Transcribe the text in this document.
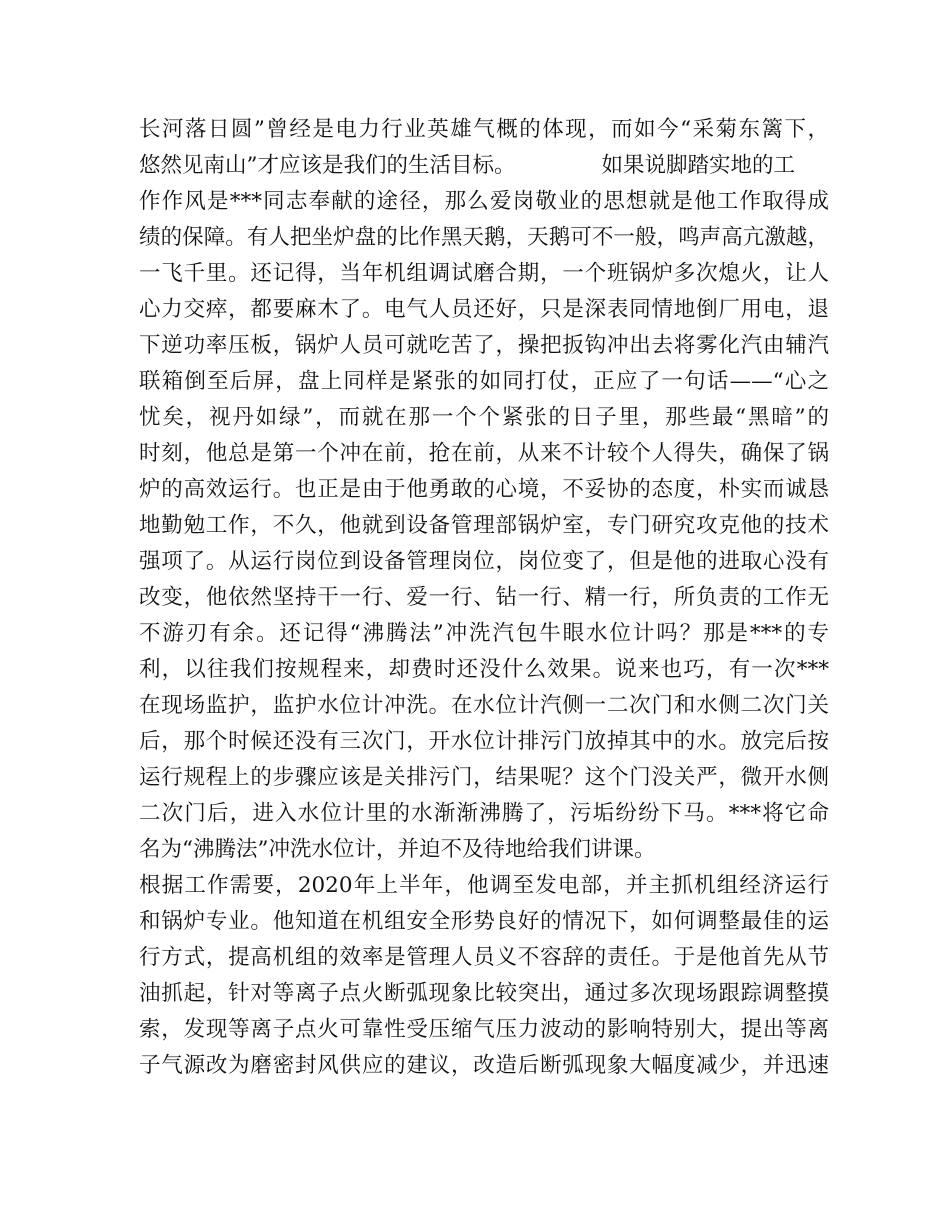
长河落日圆”曾经是电力行业英雄气概的体现，而如今“采菊东篱下，
悠然见南山”才应该是我们的生活目标。	如果说脚踏实地的工
作作风是***同志奉献的途径，那么爱岗敬业的思想就是他工作取得成
绩的保障。有人把坐炉盘的比作黑天鹅，天鹅可不一般，鸣声高亢激越，
一飞千里。还记得，当年机组调试磨合期，一个班锅炉多次熄火，让人
心力交瘁，都要麻木了。电气人员还好，只是深表同情地倒厂用电，退
下逆功率压板，锅炉人员可就吃苦了，操把扳钩冲出去将雾化汽由辅汽
联箱倒至后屏，盘上同样是紧张的如同打仗，正应了一句话——“心之
忧矣，视丹如绿”，而就在那一个个紧张的日子里，那些最“黑暗”的
时刻，他总是第一个冲在前，抢在前，从来不计较个人得失，确保了锅
炉的高效运行。也正是由于他勇敢的心境，不妥协的态度，朴实而诚恳
地勤勉工作，不久，他就到设备管理部锅炉室，专门研究攻克他的技术
强项了。从运行岗位到设备管理岗位，岗位变了，但是他的进取心没有
改变，他依然坚持干一行、爱一行、钻一行、精一行，所负责的工作无
不游刃有余。还记得“沸腾法”冲洗汽包牛眼水位计吗？那是***的专
利，以往我们按规程来，却费时还没什么效果。说来也巧，有一次***
在现场监护，监护水位计冲洗。在水位计汽侧一二次门和水侧二次门关
后，那个时候还没有三次门，开水位计排污门放掉其中的水。放完后按
运行规程上的步骤应该是关排污门，结果呢？这个门没关严，微开水侧
二次门后，进入水位计里的水渐渐沸腾了，污垢纷纷下马。***将它命
名为“沸腾法”冲洗水位计，并迫不及待地给我们讲课。
根据工作需要，2020年上半年，他调至发电部，并主抓机组经济运行
和锅炉专业。他知道在机组安全形势良好的情况下，如何调整最佳的运
行方式，提高机组的效率是管理人员义不容辞的责任。于是他首先从节
油抓起，针对等离子点火断弧现象比较突出，通过多次现场跟踪调整摸
索，发现等离子点火可靠性受压缩气压力波动的影响特别大，提出等离
子气源改为磨密封风供应的建议，改造后断弧现象大幅度减少，并迅速
